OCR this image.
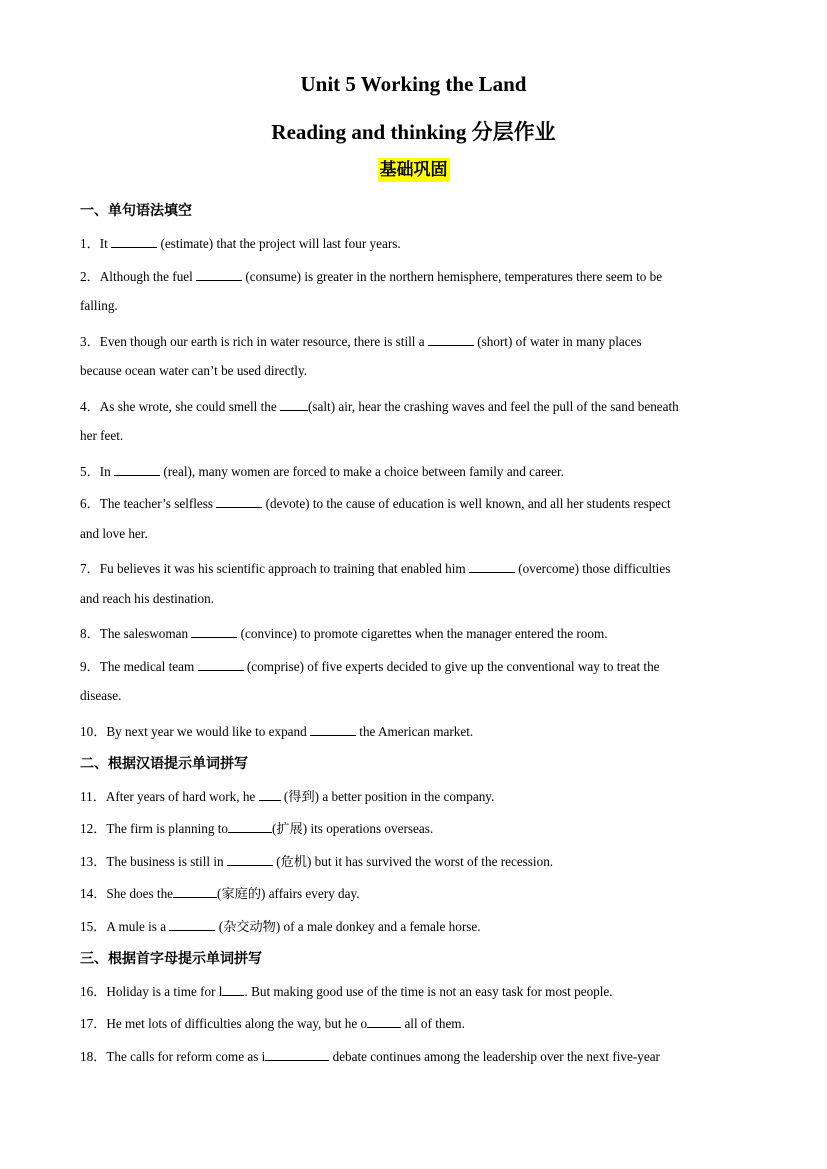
Unit 5 Working the Land
Reading and thinking 分层作业
基础巩固
一、单句语法填空
1．It	(estimate) that the project will last four years.
2．Although the fuel	(consume) is greater in the northern hemisphere, temperatures there seem to be
falling.
3．Even though our earth is rich in water resource, there is still a	(short) of water in many places
because ocean water can’t be used directly.
4．As she wrote, she could smell the (salt) air, hear the crashing waves and feel the pull of the sand beneath
her feet.
5．In	(real), many women are forced to make a choice between family and career.
6．The teacher’s selfless	(devote) to the cause of education is well known, and all her students respect
and love her.
7．Fu believes it was his scientific approach to training that enabled him	(overcome) those difficulties
and reach his destination.
8．The saleswoman	(convince) to promote cigarettes when the manager entered the room.
9．The medical team	(comprise) of five experts decided to give up the conventional way to treat the
disease.
10．By next year we would like to expand	the American market.
二、根据汉语提示单词拼写
11．After years of hard work, he (得到) a better position in the company.
12．The firm is planning to	(扩展) its operations overseas.
13．The business is still in	(危机) but it has survived the worst of the recession.
14．She does the	(家庭的) affairs every day.
15．A mule is a	(杂交动物) of a male donkey and a female horse.
三、根据首字母提示单词拼写
16．Holiday is a time for l . But making good use of the time is not an easy task for most people.
17．He met lots of difficulties along the way, but he o	all of them.
18．The calls for reform come as i	debate continues among the leadership over the next five-year
